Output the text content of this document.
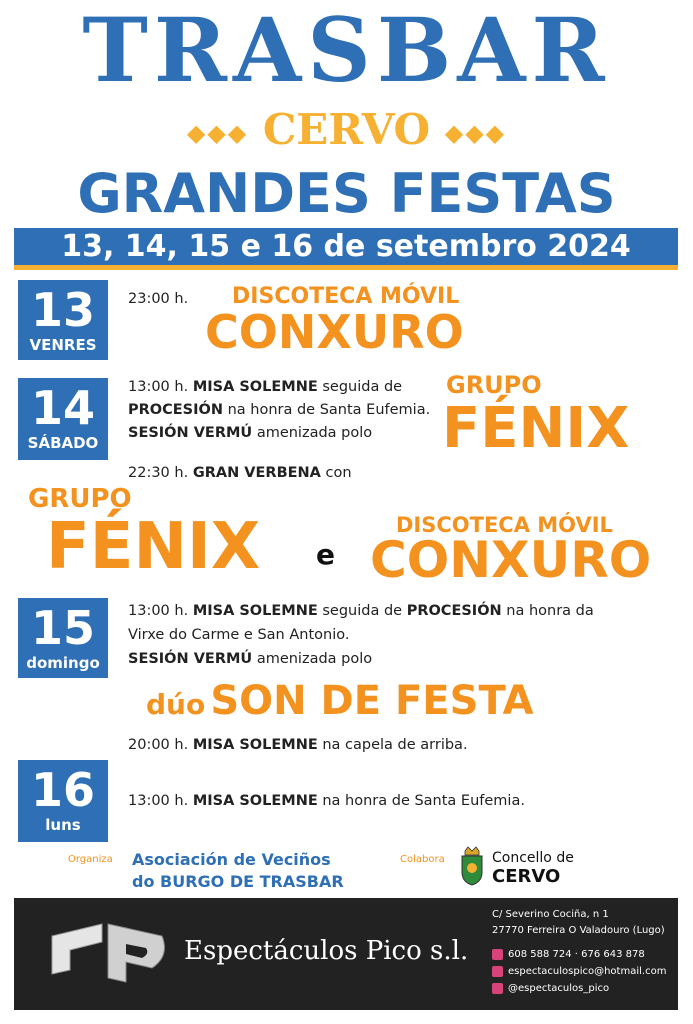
TRASBAR
◆◆◆ CERVO ◆◆◆
GRANDES FESTAS
13, 14, 15 e 16 de setembro 2024
13
VENRES
23:00 h. DISCOTECA MÓVIL
CONXURO
14
SÁBADO
13:00 h. MISA SOLEMNE seguida de
PROCESIÓN na honra de Santa Eufemia.
SESIÓN VERMÚ amenizada polo
GRUPO
FÉNIX
22:30 h. GRAN VERBENA con
GRUPO
FÉNIX e
DISCOTECA MÓVIL
CONXURO
15
domingo
13:00 h. MISA SOLEMNE seguida de PROCESIÓN na honra da
Virxe do Carme e San Antonio.
SESIÓN VERMÚ amenizada polo
dúo SON DE FESTA
20:00 h. MISA SOLEMNE na capela de arriba.
16
luns
13:00 h. MISA SOLEMNE na honra de Santa Eufemia.
Organiza Asociación de Veciños
do BURGO DE TRASBAR
Colabora	Concello de
CERVO
Espectáculos Pico s.l.
C/ Severino Cociña, n 1
27770 Ferreira O Valadouro (Lugo)
608 588 724 · 676 643 878
espectaculospico@hotmail.com
@espectaculos_pico
